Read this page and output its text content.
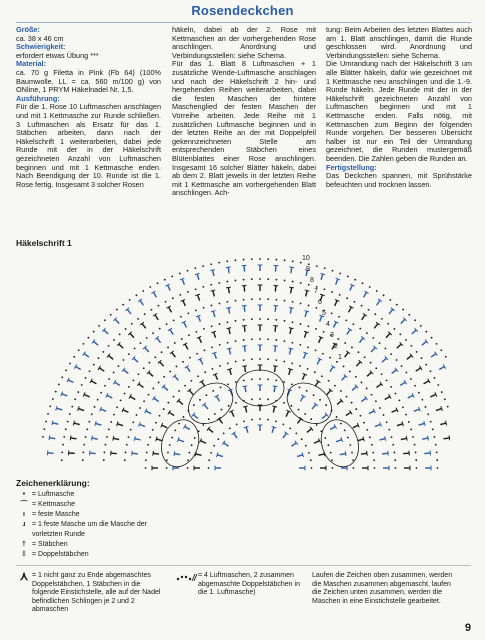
Rosendeckchen
Größe:
ca. 38 x 46 cm
Schwierigkeit:
erfordert etwas Übung ***
Material:
ca. 70 g Filetta in Pink (Fb 64) (100% Baumwolle, LL = ca. 560 m/100 g) von ONline, 1 PRYM Häkelnadel Nr. 1,5.
Ausführung:
Für die 1. Rose 10 Luftmaschen anschlagen und mit 1 Kettmasche zur Runde schließen. 3 Luftmaschen als Ersatz für das 1. Stäbchen arbeiten, dann nach der Häkelschrift 1 weiterarbeiten, dabei jede Runde mit der in der Häkelschrift gezeichneten Anzahl von Luftmaschen beginnen und mit 1 Kettmasche enden. Nach Beendigung der 10. Runde ist die 1. Rose fertig. Insgesamt 3 solcher Rosen
häkeln, dabei ab der 2. Rose mit Kettmaschen an der vorhergehenden Rose anschlingen. Anordnung und Verbindungsstellen: siehe Schema.
Für das 1. Blatt 8 Luftmaschen + 1 zusätzliche Wende-Luftmasche anschlagen und nach der Häkelschrift 2 hin- und hergehenden Reihen weiterarbeiten, dabei die festen Maschen der hintere Maschenglied der festen Maschen der Vorreihe arbeiten. Jede Reihe mit 1 zusätzlichen Luftmasche beginnen und in der letzten Reihe an der mit Doppelpfeil gekennzeichneten Stelle am entsprechenden Stäbchen eines Blütenblattes einer Rose anschlingen. Insgesamt 16 solcher Blätter häkeln, dabei ab dem 2. Blatt jeweils in der letzten Reihe mit 1 Kettmasche am vorhergehenden Blatt anschlingen. Ach-
tung: Beim Arbeiten des letzten Blattes auch am 1. Blatt anschlingen, damit die Runde geschlossen wird. Anordnung und Verbindungsstellen: siehe Schema.
Die Umrandung nach der Häkelschrift 3 um alle Blätter häkeln, dafür wie gezeichnet mit 1 Kettmasche neu anschlingen und die 1.-9. Runde häkeln. Jede Runde mit der in der Häkelschrift gezeichneten Anzahl von Luftmaschen beginnen und mit 1 Kettmasche enden. Falls nötig, mit Kettmaschen zum Beginn der folgenden Runde vorgehen. Der besseren Übersicht halber ist nur ein Teil der Umrandung gezeichnet, die Runden mustergemäß beenden. Die Zahlen geben die Runden an.
Fertigstellung:
Das Deckchen spannen, mit Sprühstärke befeuchten und trocknen lassen.
Häkelschrift 1
10
9
8
7
6
5
4
3
2
1
Zeichenerklärung:
• = Luftmasche
⌒ = Kettmasche
ı	= feste Masche
ɹ = 1 feste Masche um die Masche der vorletzten Runde
† = Stäbchen
‡ = Doppelstäbchen
⋏ = 1 nicht ganz zu Ende abgemaschtes Doppelstäbchen, 1 Stäbchen in die folgende Einstichstelle, alle auf der Nadel befindlichen Schlingen je 2 und 2 abmaschen
= 4 Luftmaschen, 2 zusammen abgemaschte Doppelstäbchen in die 1. Luftmasche)
Laufen die Zeichen oben zusammen, werden die Maschen zusammen abgemascht, laufen die Zeichen unten zusammen, werden die Maschen in eine Einstichstelle gearbeitet.
9
